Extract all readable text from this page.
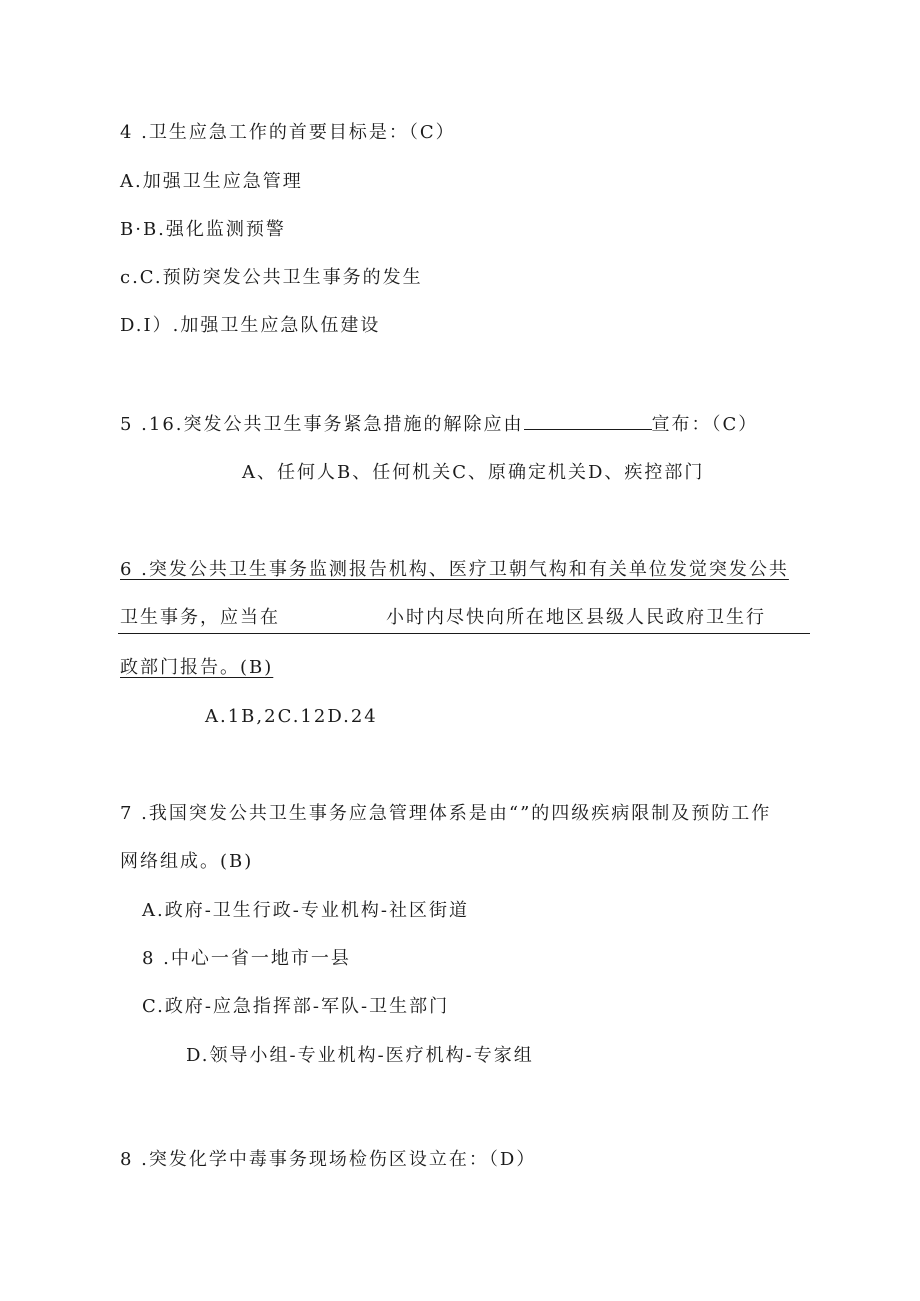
4 .卫生应急工作的首要目标是：（C）
A.加强卫生应急管理
B·B.强化监测预警
c.C.预防突发公共卫生事务的发生
D.I）.加强卫生应急队伍建设
5 .16.突发公共卫生事务紧急措施的解除应由	宣布：（C）
A、任何人B、任何机关C、原确定机关D、疾控部门
6 .突发公共卫生事务监测报告机构、医疗卫朝气构和有关单位发觉突发公共
卫生事务，应当在	小时内尽快向所在地区县级人民政府卫生行
政部门报告。(B)
A.1B,2C.12D.24
7 .我国突发公共卫生事务应急管理体系是由“”的四级疾病限制及预防工作
网络组成。(B)
A.政府-卫生行政-专业机构-社区街道
8 .中心一省一地市一县
C.政府-应急指挥部-军队-卫生部门
D.领导小组-专业机构-医疗机构-专家组
8 .突发化学中毒事务现场检伤区设立在：（D）
